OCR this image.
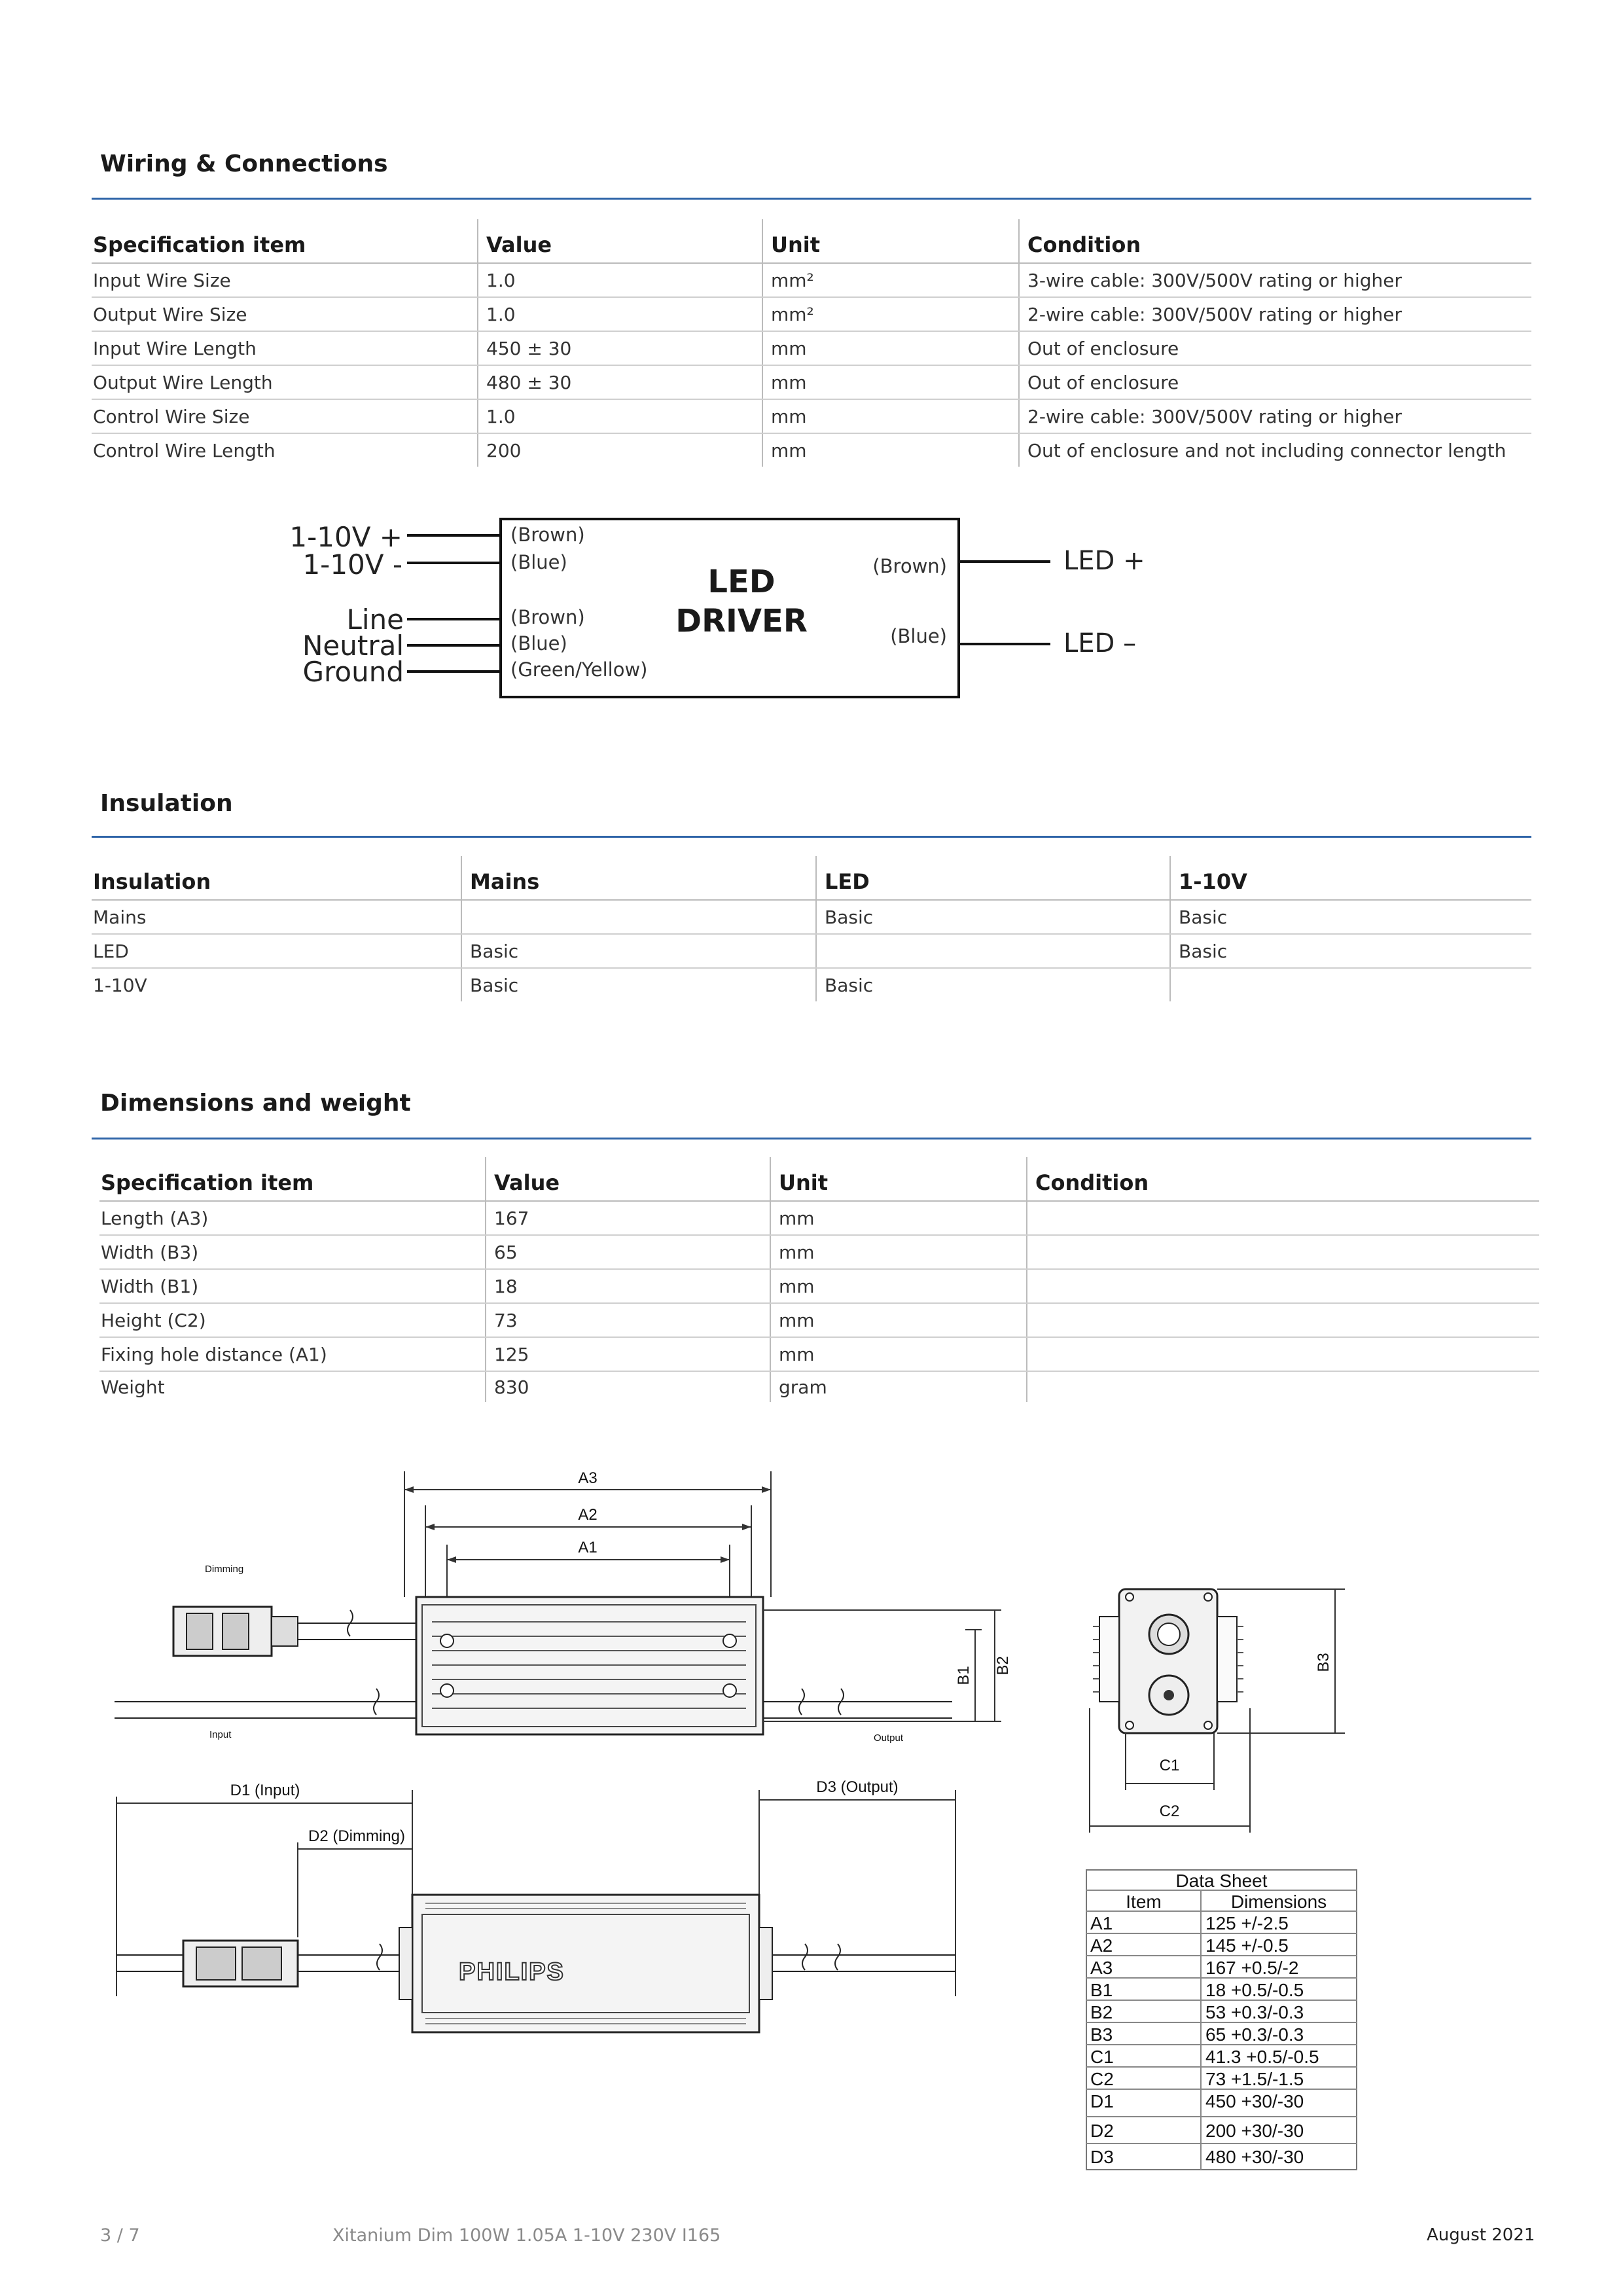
Wiring & Connections
Specification item	Value	Unit	Condition
Input Wire Size	1.0	mm²	3-wire cable: 300V/500V rating or higher
Output Wire Size	1.0	mm²	2-wire cable: 300V/500V rating or higher
Input Wire Length	450 ± 30	mm	Out of enclosure
Output Wire Length	480 ± 30	mm	Out of enclosure
Control Wire Size	1.0	mm	2-wire cable: 300V/500V rating or higher
Control Wire Length	200	mm	Out of enclosure and not including connector length
LED
DRIVER
1-10V +
1-10V -
Line
Neutral
Ground
(Brown)
(Blue)
(Brown)
(Blue)
(Green/Yellow)
(Brown)
(Blue)
LED +
LED –
Insulation
Insulation	Mains	LED	1-10V
Mains		Basic	Basic
LED	Basic		Basic
1-10V	Basic	Basic	
Dimensions and weight
Specification item	Value	Unit	Condition
Length (A3)	167	mm	
Width (B3)	65	mm	
Width (B1)	18	mm	
Height (C2)	73	mm	
Fixing hole distance (A1)	125	mm	
Weight	830	gram	
A3
A2
A1
Dimming
Input	Output
B1
B2	B3
C1
C2
D1 (Input)
D2 (Dimming)
D3 (Output)
PHILIPS
Data Sheet
Item	Dimensions
A1	125 +/-2.5
A2	145 +/-0.5
A3	167 +0.5/-2
B1	18 +0.5/-0.5
B2	53 +0.3/-0.3
B3	65 +0.3/-0.3
C1	41.3 +0.5/-0.5
C2	73 +1.5/-1.5
D1	450 +30/-30
D2	200 +30/-30
D3	480 +30/-30
3 / 7	Xitanium Dim 100W 1.05A 1-10V 230V I165	August 2021
